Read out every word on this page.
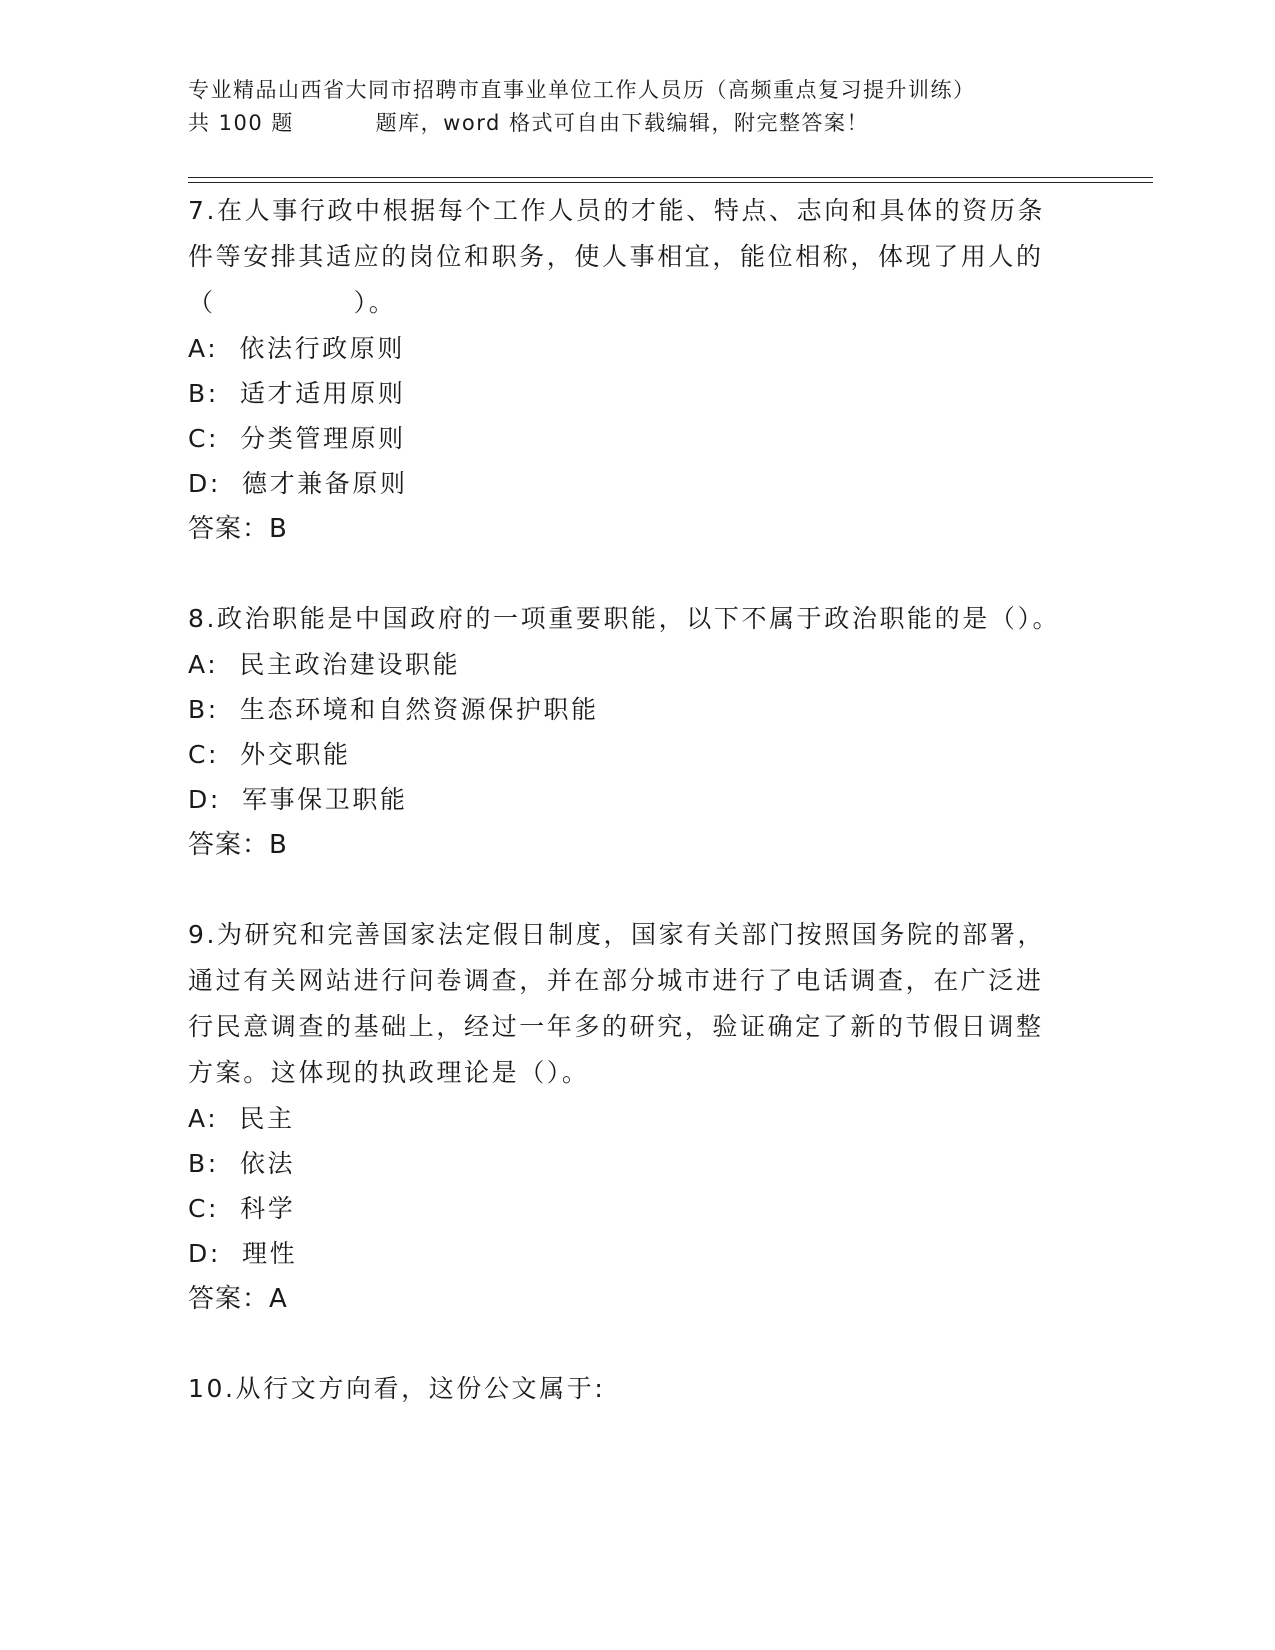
专业精品山西省大同市招聘市直事业单位工作人员历（高频重点复习提升训练）
共 100 题          题库，word 格式可自由下载编辑，附完整答案！

7.在人事行政中根据每个工作人员的才能、特点、志向和具体的资历条件等安排其适应的岗位和职务，使人事相宜，能位相称，体现了用人的（　　　　　）。

A:  依法行政原则

B:  适才适用原则

C:  分类管理原则

D:  德才兼备原则

答案：B

8.政治职能是中国政府的一项重要职能，以下不属于政治职能的是（）。

A:  民主政治建设职能

B:  生态环境和自然资源保护职能

C:  外交职能

D:  军事保卫职能

答案：B

9.为研究和完善国家法定假日制度，国家有关部门按照国务院的部署，通过有关网站进行问卷调查，并在部分城市进行了电话调查，在广泛进行民意调查的基础上，经过一年多的研究，验证确定了新的节假日调整方案。这体现的执政理论是（）。

A:  民主

B:  依法

C:  科学

D:  理性

答案：A

10.从行文方向看，这份公文属于:
